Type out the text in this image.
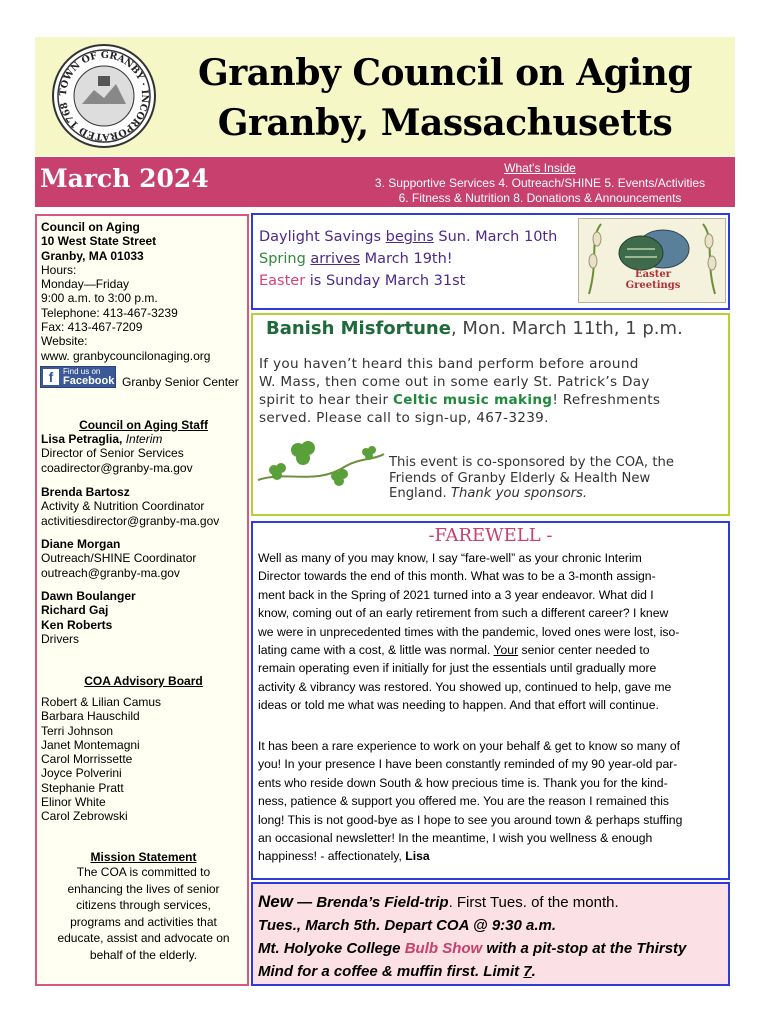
TOWN OF GRANBY · INCORPORATED 1768
Granby Council on Aging
Granby, Massachusetts
March 2024	What's Inside
3. Supportive Services 4. Outreach/SHINE 5. Events/Activities
6. Fitness & Nutrition 8. Donations & Announcements
Council on Aging
10 West State Street
Granby, MA 01033
Hours:
Monday—Friday
9:00 a.m. to 3:00 p.m.
Telephone: 413-467-3239
Fax: 413-467-7209
Website:
www. granbycouncilonaging.org
f	Find us on
Facebook Granby Senior Center
Council on Aging Staff
Lisa Petraglia, Interim
Director of Senior Services
coadirector@granby-ma.gov
Brenda Bartosz
Activity & Nutrition Coordinator
activitiesdirector@granby-ma.gov
Diane Morgan
Outreach/SHINE Coordinator
outreach@granby-ma.gov
Dawn Boulanger
Richard Gaj
Ken Roberts
Drivers
COA Advisory Board
Robert & Lilian Camus
Barbara Hauschild
Terri Johnson
Janet Montemagni
Carol Morrissette
Joyce Polverini
Stephanie Pratt
Elinor White
Carol Zebrowski
Mission Statement
The COA is committed to
enhancing the lives of senior
citizens through services,
programs and activities that
educate, assist and advocate on
behalf of the elderly.
Daylight Savings begins Sun. March 10th
Spring arrives March 19th!
Easter is Sunday March 31st	Easter
Greetings
Banish Misfortune, Mon. March 11th, 1 p.m.
If you haven’t heard this band perform before around
W. Mass, then come out in some early St. Patrick’s Day
spirit to hear their Celtic music making! Refreshments
served. Please call to sign-up, 467-3239.
This event is co-sponsored by the COA, the
Friends of Granby Elderly & Health New
England. Thank you sponsors.
-FAREWELL -
Well as many of you may know, I say “fare-well” as your chronic Interim
Director towards the end of this month. What was to be a 3-month assign-
ment back in the Spring of 2021 turned into a 3 year endeavor. What did I
know, coming out of an early retirement from such a different career? I knew
we were in unprecedented times with the pandemic, loved ones were lost, iso-
lating came with a cost, & little was normal. Your senior center needed to
remain operating even if initially for just the essentials until gradually more
activity & vibrancy was restored. You showed up, continued to help, gave me
ideas or told me what was needing to happen. And that effort will continue.
It has been a rare experience to work on your behalf & get to know so many of
you! In your presence I have been constantly reminded of my 90 year-old par-
ents who reside down South & how precious time is. Thank you for the kind-
ness, patience & support you offered me. You are the reason I remained this
long! This is not good-bye as I hope to see you around town & perhaps stuffing
an occasional newsletter! In the meantime, I wish you wellness & enough
happiness! - affectionately, Lisa
New — Brenda’s Field-trip. First Tues. of the month.
Tues., March 5th. Depart COA @ 9:30 a.m.
Mt. Holyoke College Bulb Show with a pit-stop at the Thirsty
Mind for a coffee & muffin first. Limit 7.
